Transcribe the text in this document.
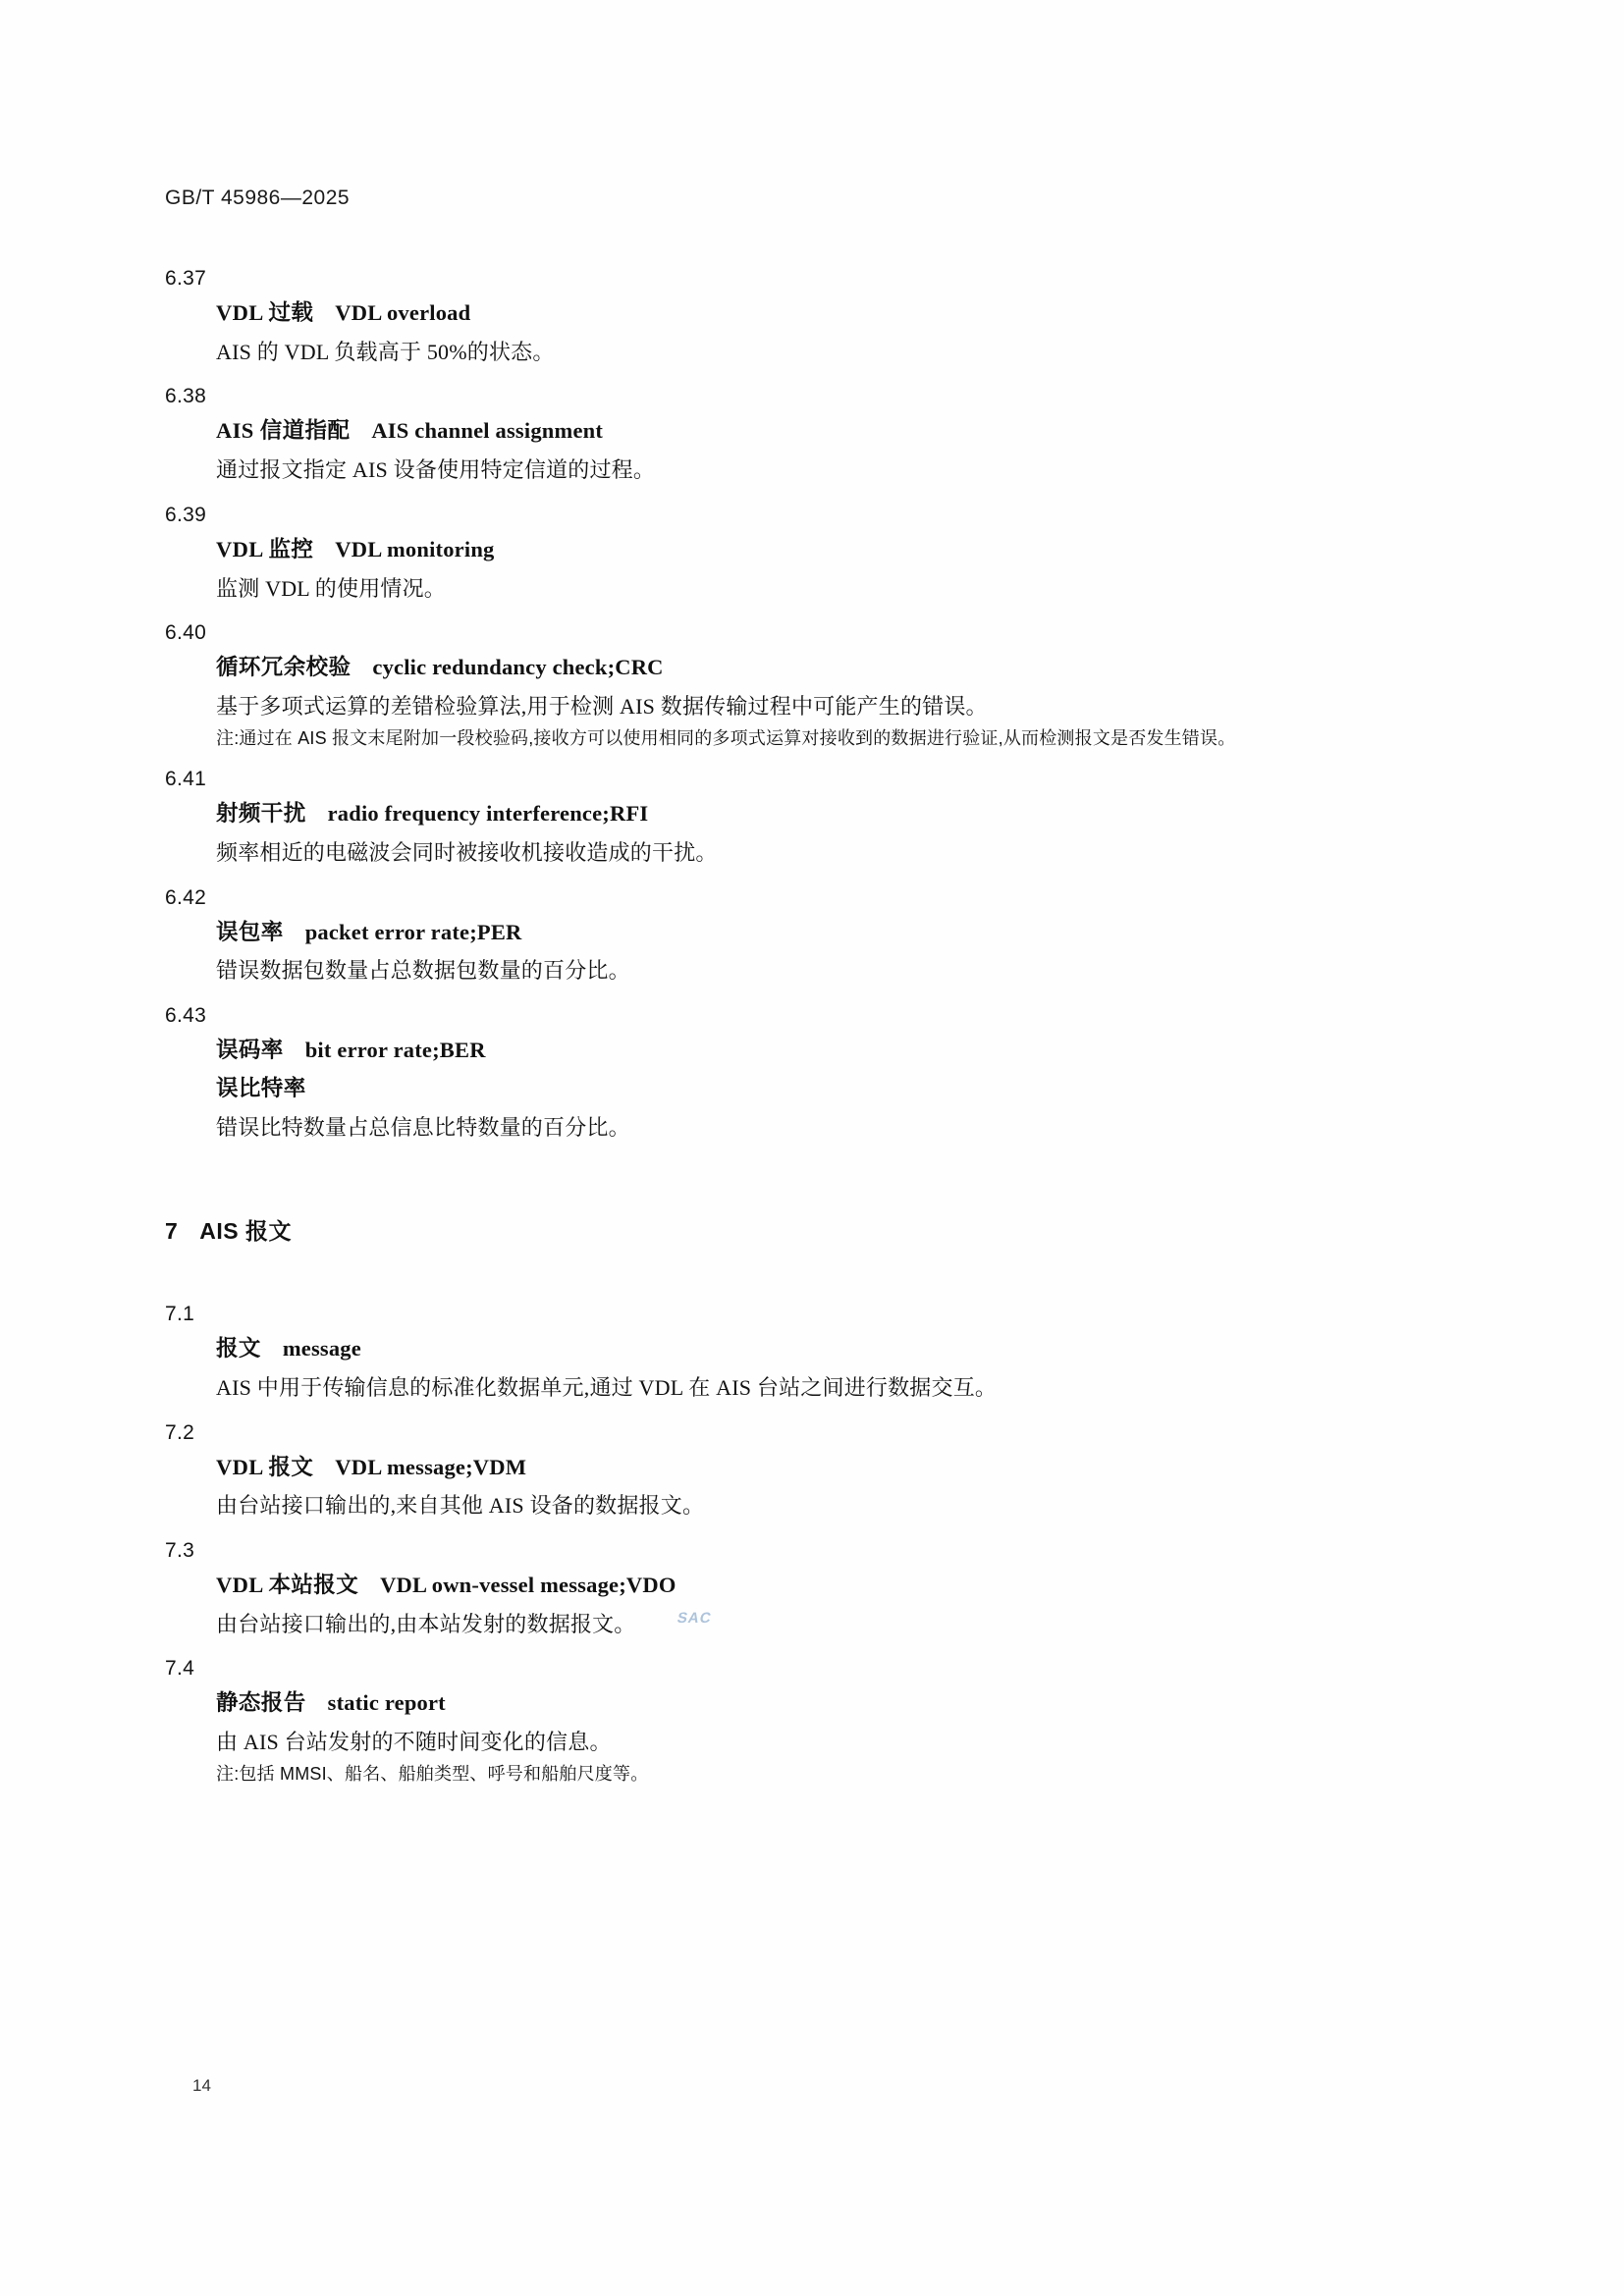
GB/T 45986—2025
6.37
VDL 过载 VDL overload
AIS 的 VDL 负载高于 50%的状态。
6.38
AIS 信道指配 AIS channel assignment
通过报文指定 AIS 设备使用特定信道的过程。
6.39
VDL 监控 VDL monitoring
监测 VDL 的使用情况。
6.40
循环冗余校验 cyclic redundancy check;CRC
基于多项式运算的差错检验算法,用于检测 AIS 数据传输过程中可能产生的错误。
注:通过在 AIS 报文末尾附加一段校验码,接收方可以使用相同的多项式运算对接收到的数据进行验证,从而检测报文是否发生错误。
6.41
射频干扰 radio frequency interference;RFI
频率相近的电磁波会同时被接收机接收造成的干扰。
6.42
误包率 packet error rate;PER
错误数据包数量占总数据包数量的百分比。
6.43
误码率 bit error rate;BER
误比特率
错误比特数量占总信息比特数量的百分比。
7 AIS 报文
7.1
报文 message
AIS 中用于传输信息的标准化数据单元,通过 VDL 在 AIS 台站之间进行数据交互。
7.2
VDL 报文 VDL message;VDM
由台站接口输出的,来自其他 AIS 设备的数据报文。
7.3
VDL 本站报文 VDL own-vessel message;VDO
由台站接口输出的,由本站发射的数据报文。
7.4
静态报告 static report
由 AIS 台站发射的不随时间变化的信息。
注:包括 MMSI、船名、船舶类型、呼号和船舶尺度等。
SAC
14
